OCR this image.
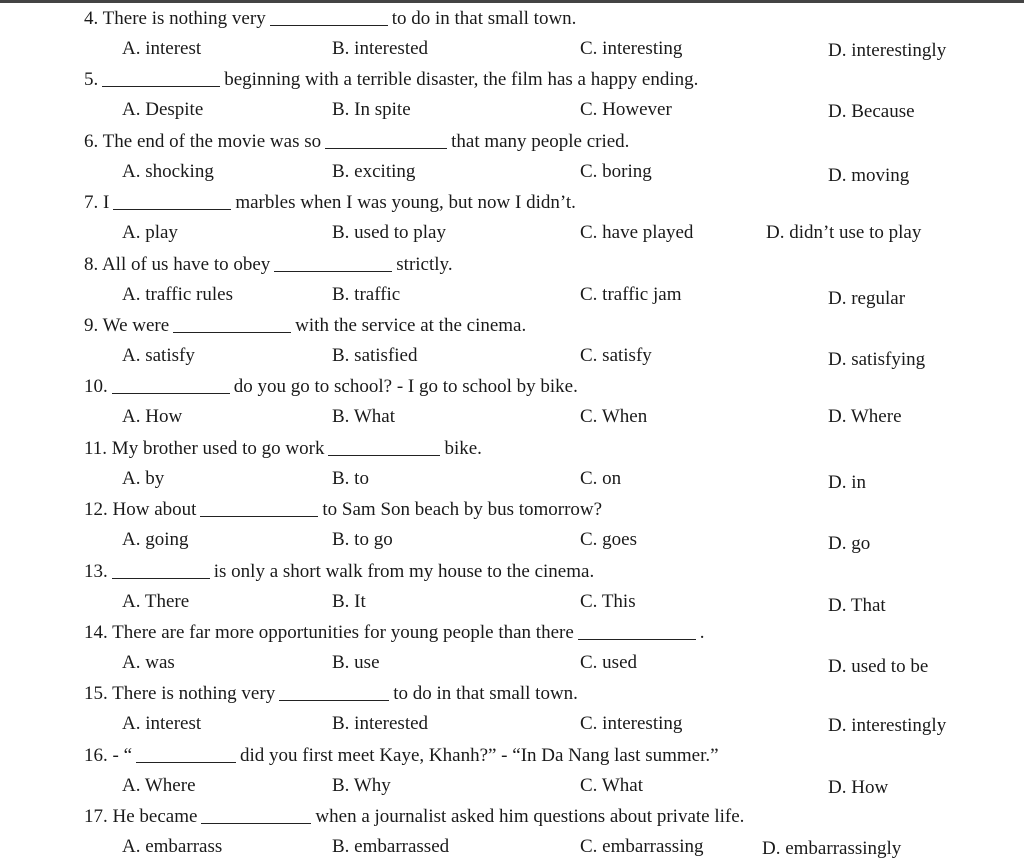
4. There is nothing very	to do in that small town.
A. interest	B. interested	C. interesting	D. interestingly
5.	beginning with a terrible disaster, the film has a happy ending.
A. Despite	B. In spite	C. However	D. Because
6. The end of the movie was so	that many people cried.
A. shocking	B. exciting	C. boring	D. moving
7. I	marbles when I was young, but now I didn’t.
A. play	B. used to play	C. have played	D. didn’t use to play
8. All of us have to obey	strictly.
A. traffic rules	B. traffic	C. traffic jam	D. regular
9. We were	with the service at the cinema.
A. satisfy	B. satisfied	C. satisfy	D. satisfying
10.	do you go to school? - I go to school by bike.
A. How	B. What	C. When	D. Where
11. My brother used to go work	bike.
A. by	B. to	C. on	D. in
12. How about	to Sam Son beach by bus tomorrow?
A. going	B. to go	C. goes	D. go
13.	is only a short walk from my house to the cinema.
A. There	B. It	C. This	D. That
14. There are far more opportunities for young people than there	.
A. was	B. use	C. used	D. used to be
15. There is nothing very	to do in that small town.
A. interest	B. interested	C. interesting	D. interestingly
16. - “	did you first meet Kaye, Khanh?” - “In Da Nang last summer.”
A. Where	B. Why	C. What	D. How
17. He became	when a journalist asked him questions about private life.
A. embarrass	B. embarrassed	C. embarrassing	D. embarrassingly
